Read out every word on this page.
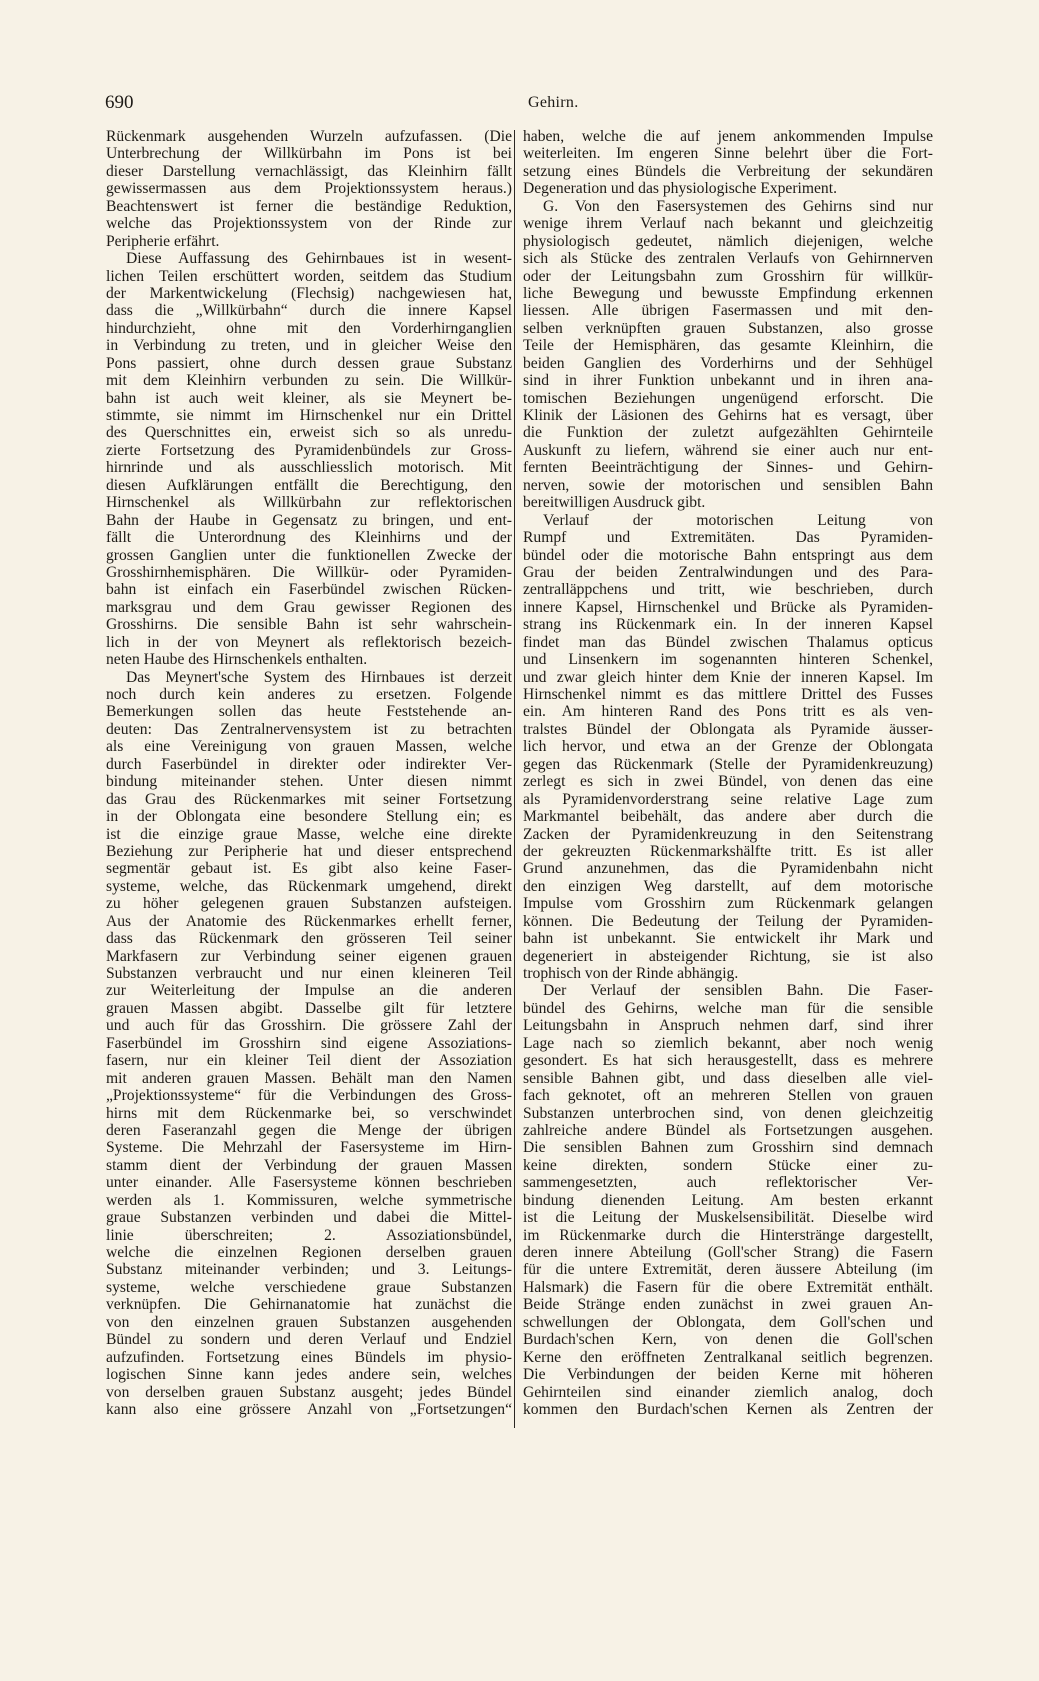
690	Gehirn.
Rückenmark ausgehenden Wurzeln aufzufassen. (Die
Unterbrechung der Willkürbahn im Pons ist bei
dieser Darstellung vernachlässigt, das Kleinhirn fällt
gewissermassen aus dem Projektionssystem heraus.)
Beachtenswert ist ferner die beständige Reduktion,
welche das Projektionssystem von der Rinde zur
Peripherie erfährt.
Diese Auffassung des Gehirnbaues ist in wesent-
lichen Teilen erschüttert worden, seitdem das Studium
der Markentwickelung (Flechsig) nachgewiesen hat,
dass die „Willkürbahn“ durch die innere Kapsel
hindurchzieht, ohne mit den Vorderhirnganglien
in Verbindung zu treten, und in gleicher Weise den
Pons passiert, ohne durch dessen graue Substanz
mit dem Kleinhirn verbunden zu sein. Die Willkür-
bahn ist auch weit kleiner, als sie Meynert be-
stimmte, sie nimmt im Hirnschenkel nur ein Drittel
des Querschnittes ein, erweist sich so als unredu-
zierte Fortsetzung des Pyramidenbündels zur Gross-
hirnrinde und als ausschliesslich motorisch. Mit
diesen Aufklärungen entfällt die Berechtigung, den
Hirnschenkel als Willkürbahn zur reflektorischen
Bahn der Haube in Gegensatz zu bringen, und ent-
fällt die Unterordnung des Kleinhirns und der
grossen Ganglien unter die funktionellen Zwecke der
Grosshirnhemisphären. Die Willkür- oder Pyramiden-
bahn ist einfach ein Faserbündel zwischen Rücken-
marksgrau und dem Grau gewisser Regionen des
Grosshirns. Die sensible Bahn ist sehr wahrschein-
lich in der von Meynert als reflektorisch bezeich-
neten Haube des Hirnschenkels enthalten.
Das Meynert'sche System des Hirnbaues ist derzeit
noch durch kein anderes zu ersetzen. Folgende
Bemerkungen sollen das heute Feststehende an-
deuten: Das Zentralnervensystem ist zu betrachten
als eine Vereinigung von grauen Massen, welche
durch Faserbündel in direkter oder indirekter Ver-
bindung miteinander stehen. Unter diesen nimmt
das Grau des Rückenmarkes mit seiner Fortsetzung
in der Oblongata eine besondere Stellung ein; es
ist die einzige graue Masse, welche eine direkte
Beziehung zur Peripherie hat und dieser entsprechend
segmentär gebaut ist. Es gibt also keine Faser-
systeme, welche, das Rückenmark umgehend, direkt
zu höher gelegenen grauen Substanzen aufsteigen.
Aus der Anatomie des Rückenmarkes erhellt ferner,
dass das Rückenmark den grösseren Teil seiner
Markfasern zur Verbindung seiner eigenen grauen
Substanzen verbraucht und nur einen kleineren Teil
zur Weiterleitung der Impulse an die anderen
grauen Massen abgibt. Dasselbe gilt für letztere
und auch für das Grosshirn. Die grössere Zahl der
Faserbündel im Grosshirn sind eigene Assoziations-
fasern, nur ein kleiner Teil dient der Assoziation
mit anderen grauen Massen. Behält man den Namen
„Projektionssysteme“ für die Verbindungen des Gross-
hirns mit dem Rückenmarke bei, so verschwindet
deren Faseranzahl gegen die Menge der übrigen
Systeme. Die Mehrzahl der Fasersysteme im Hirn-
stamm dient der Verbindung der grauen Massen
unter einander. Alle Fasersysteme können beschrieben
werden als 1. Kommissuren, welche symmetrische
graue Substanzen verbinden und dabei die Mittel-
linie überschreiten; 2. Assoziationsbündel,
welche die einzelnen Regionen derselben grauen
Substanz miteinander verbinden; und 3. Leitungs-
systeme, welche verschiedene graue Substanzen
verknüpfen. Die Gehirnanatomie hat zunächst die
von den einzelnen grauen Substanzen ausgehenden
Bündel zu sondern und deren Verlauf und Endziel
aufzufinden. Fortsetzung eines Bündels im physio-
logischen Sinne kann jedes andere sein, welches
von derselben grauen Substanz ausgeht; jedes Bündel
kann also eine grössere Anzahl von „Fortsetzungen“
haben, welche die auf jenem ankommenden Impulse
weiterleiten. Im engeren Sinne belehrt über die Fort-
setzung eines Bündels die Verbreitung der sekundären
Degeneration und das physiologische Experiment.
G. Von den Fasersystemen des Gehirns sind nur
wenige ihrem Verlauf nach bekannt und gleichzeitig
physiologisch gedeutet, nämlich diejenigen, welche
sich als Stücke des zentralen Verlaufs von Gehirnnerven
oder der Leitungsbahn zum Grosshirn für willkür-
liche Bewegung und bewusste Empfindung erkennen
liessen. Alle übrigen Fasermassen und mit den-
selben verknüpften grauen Substanzen, also grosse
Teile der Hemisphären, das gesamte Kleinhirn, die
beiden Ganglien des Vorderhirns und der Sehhügel
sind in ihrer Funktion unbekannt und in ihren ana-
tomischen Beziehungen ungenügend erforscht. Die
Klinik der Läsionen des Gehirns hat es versagt, über
die Funktion der zuletzt aufgezählten Gehirnteile
Auskunft zu liefern, während sie einer auch nur ent-
fernten Beeinträchtigung der Sinnes- und Gehirn-
nerven, sowie der motorischen und sensiblen Bahn
bereitwilligen Ausdruck gibt.
Verlauf der motorischen Leitung von
Rumpf und Extremitäten. Das Pyramiden-
bündel oder die motorische Bahn entspringt aus dem
Grau der beiden Zentralwindungen und des Para-
zentralläppchens und tritt, wie beschrieben, durch
innere Kapsel, Hirnschenkel und Brücke als Pyramiden-
strang ins Rückenmark ein. In der inneren Kapsel
findet man das Bündel zwischen Thalamus opticus
und Linsenkern im sogenannten hinteren Schenkel,
und zwar gleich hinter dem Knie der inneren Kapsel. Im
Hirnschenkel nimmt es das mittlere Drittel des Fusses
ein. Am hinteren Rand des Pons tritt es als ven-
tralstes Bündel der Oblongata als Pyramide äusser-
lich hervor, und etwa an der Grenze der Oblongata
gegen das Rückenmark (Stelle der Pyramidenkreuzung)
zerlegt es sich in zwei Bündel, von denen das eine
als Pyramidenvorderstrang seine relative Lage zum
Markmantel beibehält, das andere aber durch die
Zacken der Pyramidenkreuzung in den Seitenstrang
der gekreuzten Rückenmarkshälfte tritt. Es ist aller
Grund anzunehmen, das die Pyramidenbahn nicht
den einzigen Weg darstellt, auf dem motorische
Impulse vom Grosshirn zum Rückenmark gelangen
können. Die Bedeutung der Teilung der Pyramiden-
bahn ist unbekannt. Sie entwickelt ihr Mark und
degeneriert in absteigender Richtung, sie ist also
trophisch von der Rinde abhängig.
Der Verlauf der sensiblen Bahn. Die Faser-
bündel des Gehirns, welche man für die sensible
Leitungsbahn in Anspruch nehmen darf, sind ihrer
Lage nach so ziemlich bekannt, aber noch wenig
gesondert. Es hat sich herausgestellt, dass es mehrere
sensible Bahnen gibt, und dass dieselben alle viel-
fach geknotet, oft an mehreren Stellen von grauen
Substanzen unterbrochen sind, von denen gleichzeitig
zahlreiche andere Bündel als Fortsetzungen ausgehen.
Die sensiblen Bahnen zum Grosshirn sind demnach
keine direkten, sondern Stücke einer zu-
sammengesetzten, auch reflektorischer Ver-
bindung dienenden Leitung. Am besten erkannt
ist die Leitung der Muskelsensibilität. Dieselbe wird
im Rückenmarke durch die Hinterstränge dargestellt,
deren innere Abteilung (Goll'scher Strang) die Fasern
für die untere Extremität, deren äussere Abteilung (im
Halsmark) die Fasern für die obere Extremität enthält.
Beide Stränge enden zunächst in zwei grauen An-
schwellungen der Oblongata, dem Goll'schen und
Burdach'schen Kern, von denen die Goll'schen
Kerne den eröffneten Zentralkanal seitlich begrenzen.
Die Verbindungen der beiden Kerne mit höheren
Gehirnteilen sind einander ziemlich analog, doch
kommen den Burdach'schen Kernen als Zentren der
